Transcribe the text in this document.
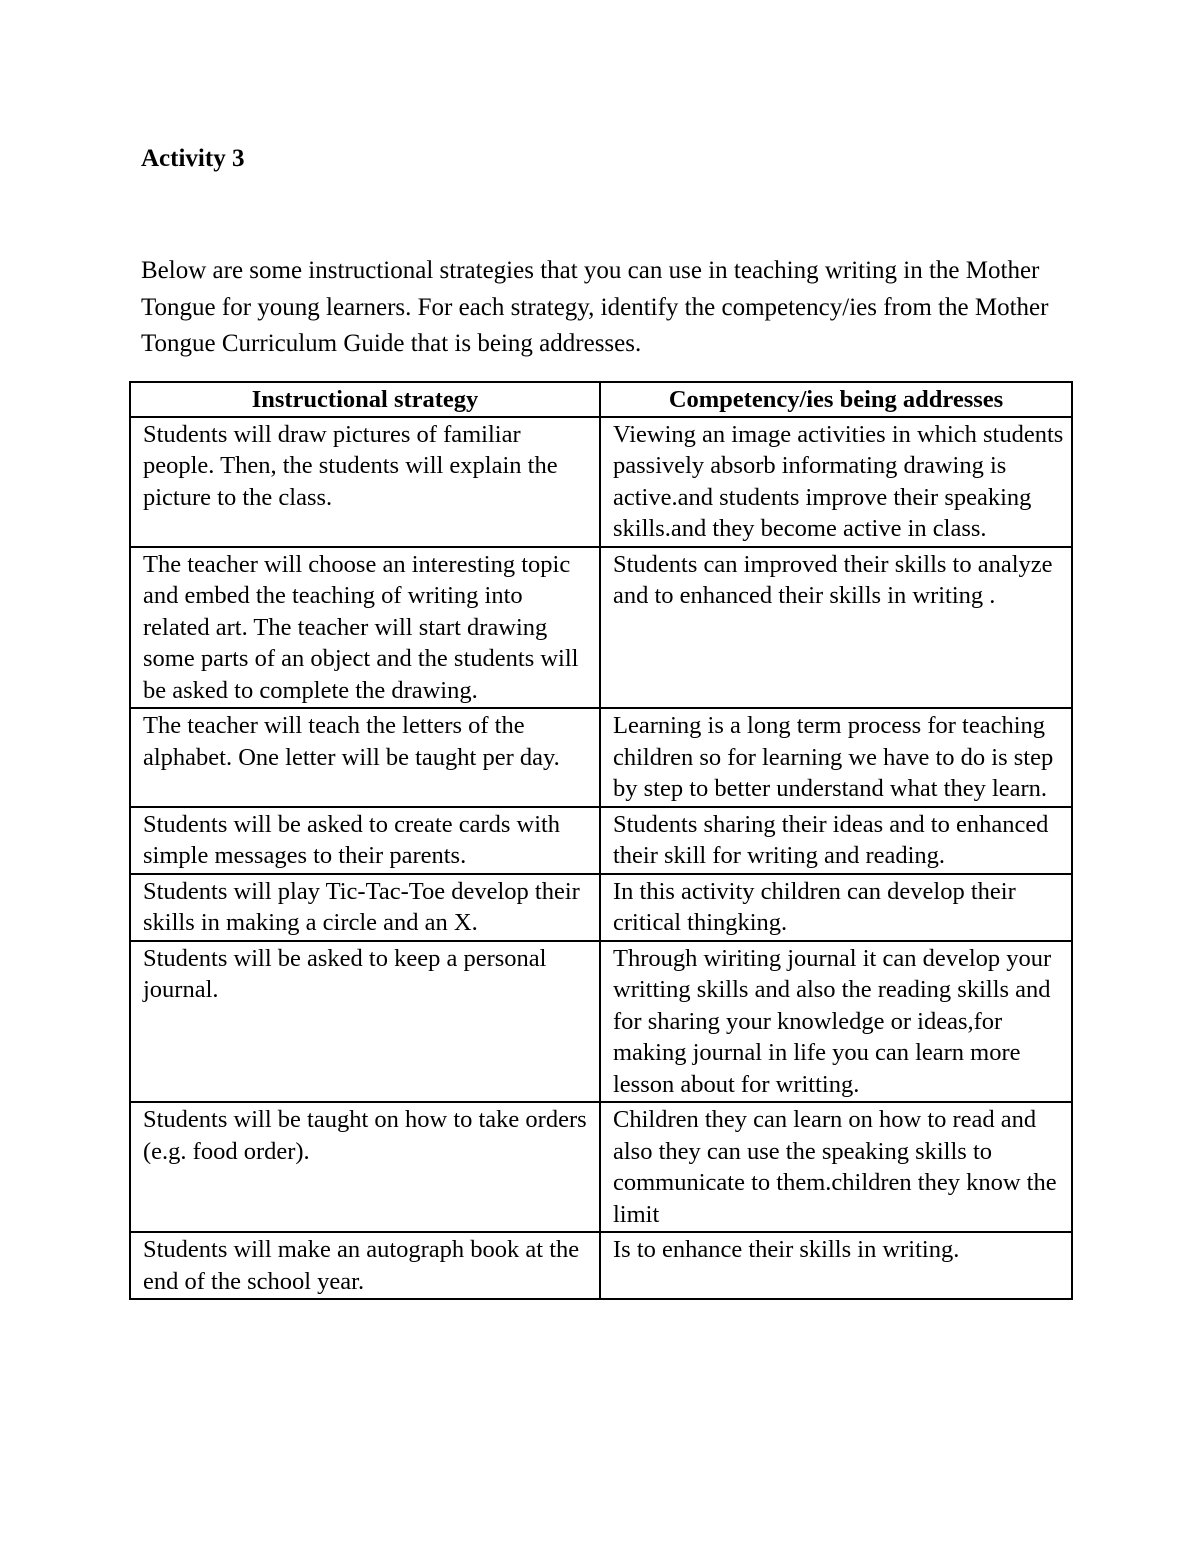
Activity 3

Below are some instructional strategies that you can use in teaching writing in the Mother Tongue for young learners. For each strategy, identify the competency/ies from the Mother Tongue Curriculum Guide that is being addresses.

Instructional strategy	Competency/ies being addresses
Students will draw pictures of familiar people. Then, the students will explain the picture to the class.	Viewing an image activities in which students passively absorb informating drawing is active.and students improve their speaking skills.and they become active in class.
The teacher will choose an interesting topic and embed the teaching of writing into related art. The teacher will start drawing some parts of an object and the students will be asked to complete the drawing.	Students can improved their skills to analyze and to enhanced their skills in writing .
The teacher will teach the letters of the alphabet. One letter will be taught per day.	Learning is a long term process for teaching children so for learning we have to do is step by step to better understand what they learn.
Students will be asked to create cards with simple messages to their parents.	Students sharing their ideas and to enhanced their skill for writing and reading.
Students will play Tic-Tac-Toe develop their skills in making a circle and an X.	In this activity children can develop their critical thingking.
Students will be asked to keep a personal journal.	Through wiriting journal it can develop your writting skills and also the reading skills and for sharing your knowledge or ideas,for making journal in life you can learn more lesson about for writting.
Students will be taught on how to take orders (e.g. food order).	Children they can learn on how to read and also they can use the speaking skills to communicate to them.children they know the limit
Students will make an autograph book at the end of the school year.	Is to enhance their skills in writing.
